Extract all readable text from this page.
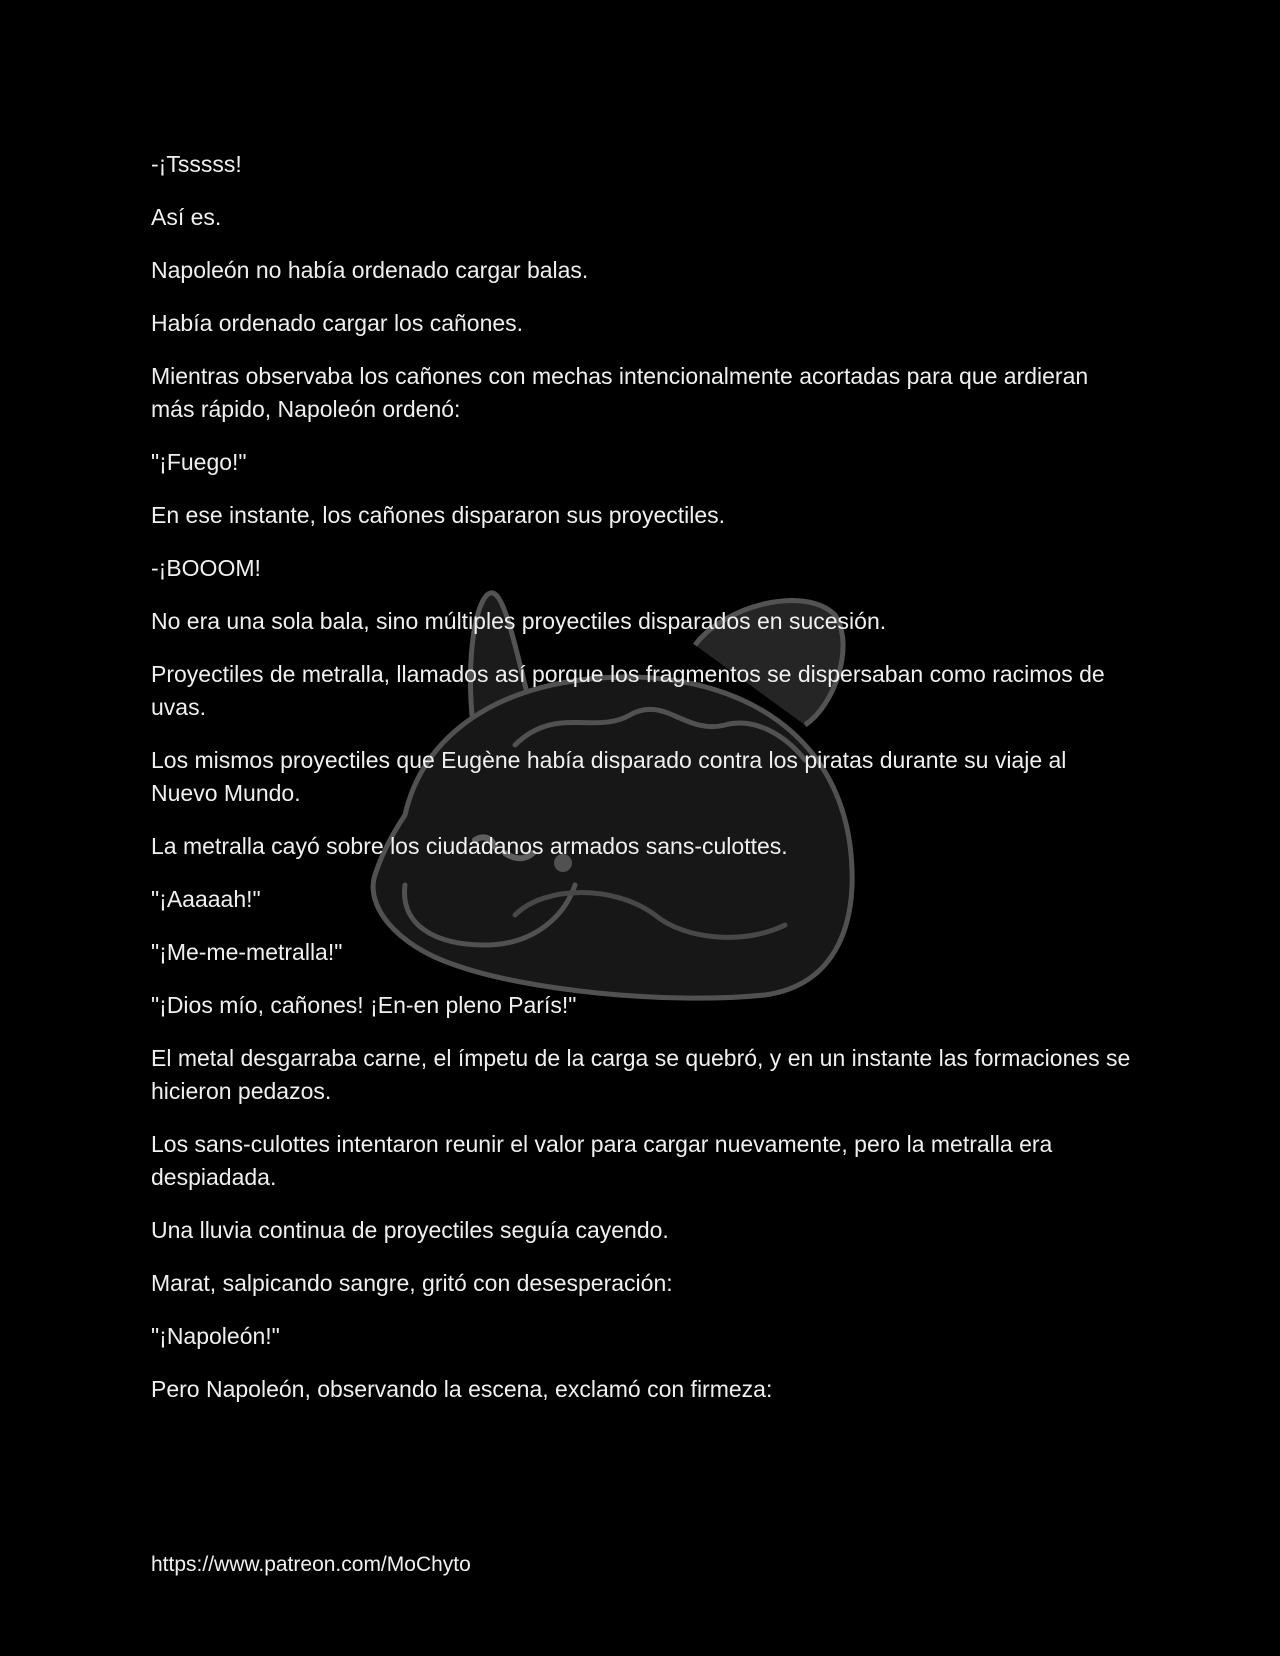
-¡Tsssss!

Así es.

Napoleón no había ordenado cargar balas.

Había ordenado cargar los cañones.

Mientras observaba los cañones con mechas intencionalmente acortadas para que ardieran más rápido, Napoleón ordenó:

"¡Fuego!"

En ese instante, los cañones dispararon sus proyectiles.

-¡BOOOM!

No era una sola bala, sino múltiples proyectiles disparados en sucesión.

Proyectiles de metralla, llamados así porque los fragmentos se dispersaban como racimos de uvas.

Los mismos proyectiles que Eugène había disparado contra los piratas durante su viaje al Nuevo Mundo.

La metralla cayó sobre los ciudadanos armados sans-culottes.

"¡Aaaaah!"

"¡Me-me-metralla!"

"¡Dios mío, cañones! ¡En-en pleno París!"

El metal desgarraba carne, el ímpetu de la carga se quebró, y en un instante las formaciones se hicieron pedazos.

Los sans-culottes intentaron reunir el valor para cargar nuevamente, pero la metralla era despiadada.

Una lluvia continua de proyectiles seguía cayendo.

Marat, salpicando sangre, gritó con desesperación:

"¡Napoleón!"

Pero Napoleón, observando la escena, exclamó con firmeza:

https://www.patreon.com/MoChyto
